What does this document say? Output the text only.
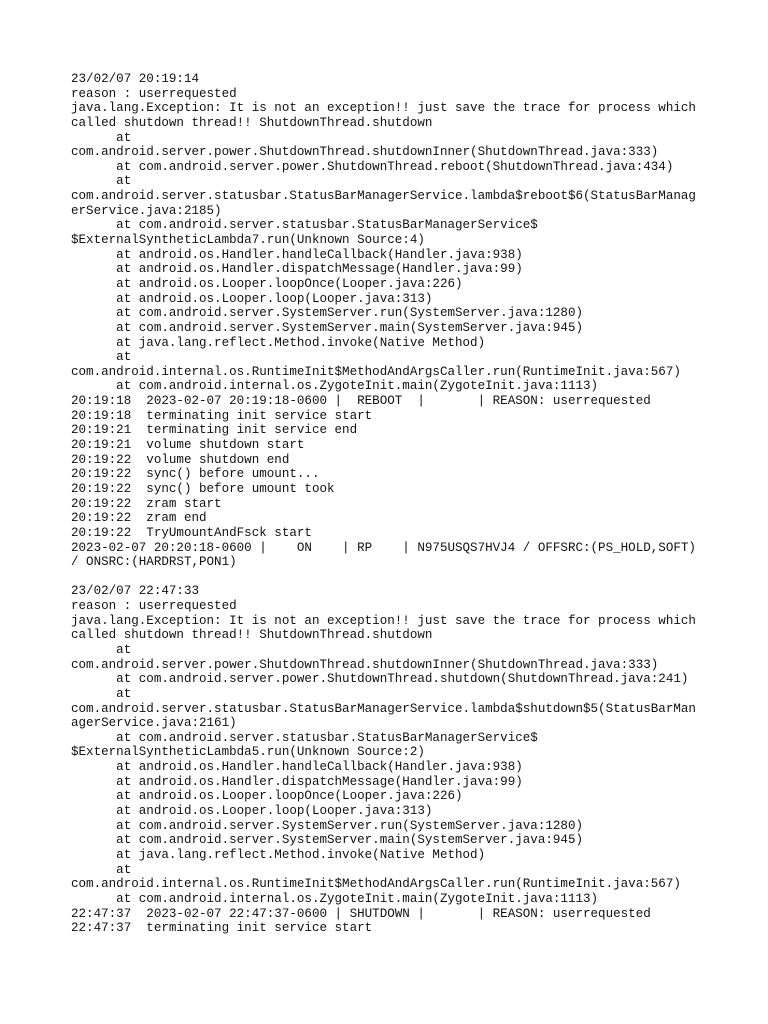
23/02/07 20:19:14
reason : userrequested
java.lang.Exception: It is not an exception!! just save the trace for process which
called shutdown thread!! ShutdownThread.shutdown
at
com.android.server.power.ShutdownThread.shutdownInner(ShutdownThread.java:333)
at com.android.server.power.ShutdownThread.reboot(ShutdownThread.java:434)
at
com.android.server.statusbar.StatusBarManagerService.lambda$reboot$6(StatusBarManag
erService.java:2185)
at com.android.server.statusbar.StatusBarManagerService$
$ExternalSyntheticLambda7.run(Unknown Source:4)
at android.os.Handler.handleCallback(Handler.java:938)
at android.os.Handler.dispatchMessage(Handler.java:99)
at android.os.Looper.loopOnce(Looper.java:226)
at android.os.Looper.loop(Looper.java:313)
at com.android.server.SystemServer.run(SystemServer.java:1280)
at com.android.server.SystemServer.main(SystemServer.java:945)
at java.lang.reflect.Method.invoke(Native Method)
at
com.android.internal.os.RuntimeInit$MethodAndArgsCaller.run(RuntimeInit.java:567)
at com.android.internal.os.ZygoteInit.main(ZygoteInit.java:1113)
20:19:18  2023-02-07 20:19:18-0600 |  REBOOT  |       | REASON: userrequested
20:19:18  terminating init service start
20:19:21  terminating init service end
20:19:21  volume shutdown start
20:19:22  volume shutdown end
20:19:22  sync() before umount...
20:19:22  sync() before umount took
20:19:22  zram start
20:19:22  zram end
20:19:22  TryUmountAndFsck start
2023-02-07 20:20:18-0600 |    ON    | RP    | N975USQS7HVJ4 / OFFSRC:(PS_HOLD,SOFT)
/ ONSRC:(HARDRST,PON1)
23/02/07 22:47:33
reason : userrequested
java.lang.Exception: It is not an exception!! just save the trace for process which
called shutdown thread!! ShutdownThread.shutdown
at
com.android.server.power.ShutdownThread.shutdownInner(ShutdownThread.java:333)
at com.android.server.power.ShutdownThread.shutdown(ShutdownThread.java:241)
at
com.android.server.statusbar.StatusBarManagerService.lambda$shutdown$5(StatusBarMan
agerService.java:2161)
at com.android.server.statusbar.StatusBarManagerService$
$ExternalSyntheticLambda5.run(Unknown Source:2)
at android.os.Handler.handleCallback(Handler.java:938)
at android.os.Handler.dispatchMessage(Handler.java:99)
at android.os.Looper.loopOnce(Looper.java:226)
at android.os.Looper.loop(Looper.java:313)
at com.android.server.SystemServer.run(SystemServer.java:1280)
at com.android.server.SystemServer.main(SystemServer.java:945)
at java.lang.reflect.Method.invoke(Native Method)
at
com.android.internal.os.RuntimeInit$MethodAndArgsCaller.run(RuntimeInit.java:567)
at com.android.internal.os.ZygoteInit.main(ZygoteInit.java:1113)
22:47:37  2023-02-07 22:47:37-0600 | SHUTDOWN |       | REASON: userrequested
22:47:37  terminating init service start
